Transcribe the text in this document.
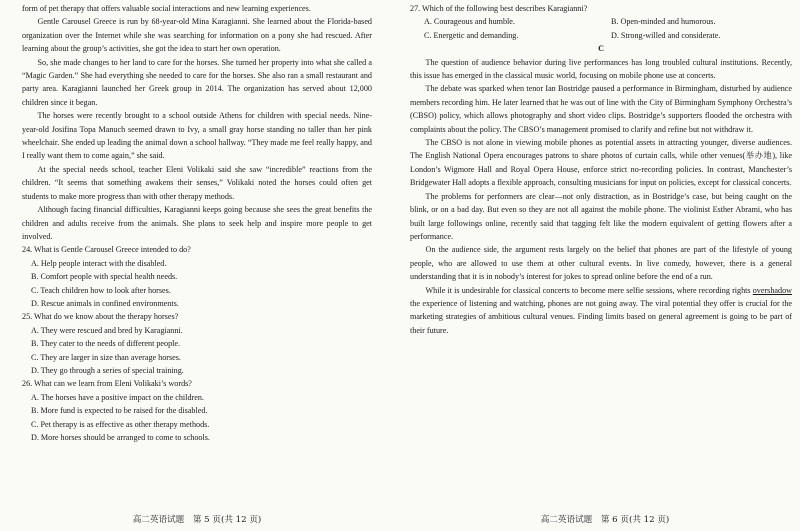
form of pet therapy that offers valuable social interactions and new learning experiences.

Gentle Carousel Greece is run by 68-year-old Mina Karagianni. She learned about the Florida-based organization over the Internet while she was searching for information on a pony she had rescued. After learning about the group’s activities, she got the idea to start her own operation.

So, she made changes to her land to care for the horses. She turned her property into what she called a “Magic Garden.” She had everything she needed to care for the horses. She also ran a small restaurant and party area. Karagianni launched her Greek group in 2014. The organization has served about 12,000 children since it began.

The horses were recently brought to a school outside Athens for children with special needs. Nine-year-old Josifina Topa Manuch seemed drawn to Ivy, a small gray horse standing no taller than her pink wheelchair. She ended up leading the animal down a school hallway. “They made me feel really happy, and I really want them to come again,” she said.

At the special needs school, teacher Eleni Volikaki said she saw “incredible” reactions from the children. “It seems that something awakens their senses,” Volikaki noted the horses could often get students to make more progress than with other therapy methods.

Although facing financial difficulties, Karagianni keeps going because she sees the great benefits the children and adults receive from the animals. She plans to seek help and inspire more people to get involved.

24. What is Gentle Carousel Greece intended to do?

A. Help people interact with the disabled.

B. Comfort people with special health needs.

C. Teach children how to look after horses.

D. Rescue animals in confined environments.

25. What do we know about the therapy horses?

A. They were rescued and bred by Karagianni.

B. They cater to the needs of different people.

C. They are larger in size than average horses.

D. They go through a series of special training.

26. What can we learn from Eleni Volikaki’s words?

A. The horses have a positive impact on the children.

B. More fund is expected to be raised for the disabled.

C. Pet therapy is as effective as other therapy methods.

D. More horses should be arranged to come to schools.

高二英语试题　第 5 页(共 12 页)

27. Which of the following best describes Karagianni?

A. Courageous and humble.	B. Open-minded and humorous.
C. Energetic and demanding.	D. Strong-willed and considerate.

C

The question of audience behavior during live performances has long troubled cultural institutions. Recently, this issue has emerged in the classical music world, focusing on mobile phone use at concerts.

The debate was sparked when tenor Ian Bostridge paused a performance in Birmingham, disturbed by audience members recording him. He later learned that he was out of line with the City of Birmingham Symphony Orchestra’s (CBSO) policy, which allows photography and short video clips. Bostridge’s supporters flooded the orchestra with complaints about the policy. The CBSO’s management promised to clarify and refine but not withdraw it.

The CBSO is not alone in viewing mobile phones as potential assets in attracting younger, diverse audiences. The English National Opera encourages patrons to share photos of curtain calls, while other venues(举办地), like London’s Wigmore Hall and Royal Opera House, enforce strict no-recording policies. In contrast, Manchester’s Bridgewater Hall adopts a flexible approach, consulting musicians for input on policies, except for classical concerts.

The problems for performers are clear—not only distraction, as in Bostridge’s case, but being caught on the blink, or on a bad day. But even so they are not all against the mobile phone. The violinist Esther Abrami, who has built large followings online, recently said that tagging felt like the modern equivalent of getting flowers after a performance.

On the audience side, the argument rests largely on the belief that phones are part of the lifestyle of young people, who are allowed to use them at other cultural events. In live comedy, however, there is a general understanding that it is in nobody’s interest for jokes to spread online before the end of a run.

While it is undesirable for classical concerts to become mere selfie sessions, where recording rights overshadow the experience of listening and watching, phones are not going away. The viral potential they offer is crucial for the marketing strategies of ambitious cultural venues. Finding limits based on general agreement is going to be part of their future.

高二英语试题　第 6 页(共 12 页)
